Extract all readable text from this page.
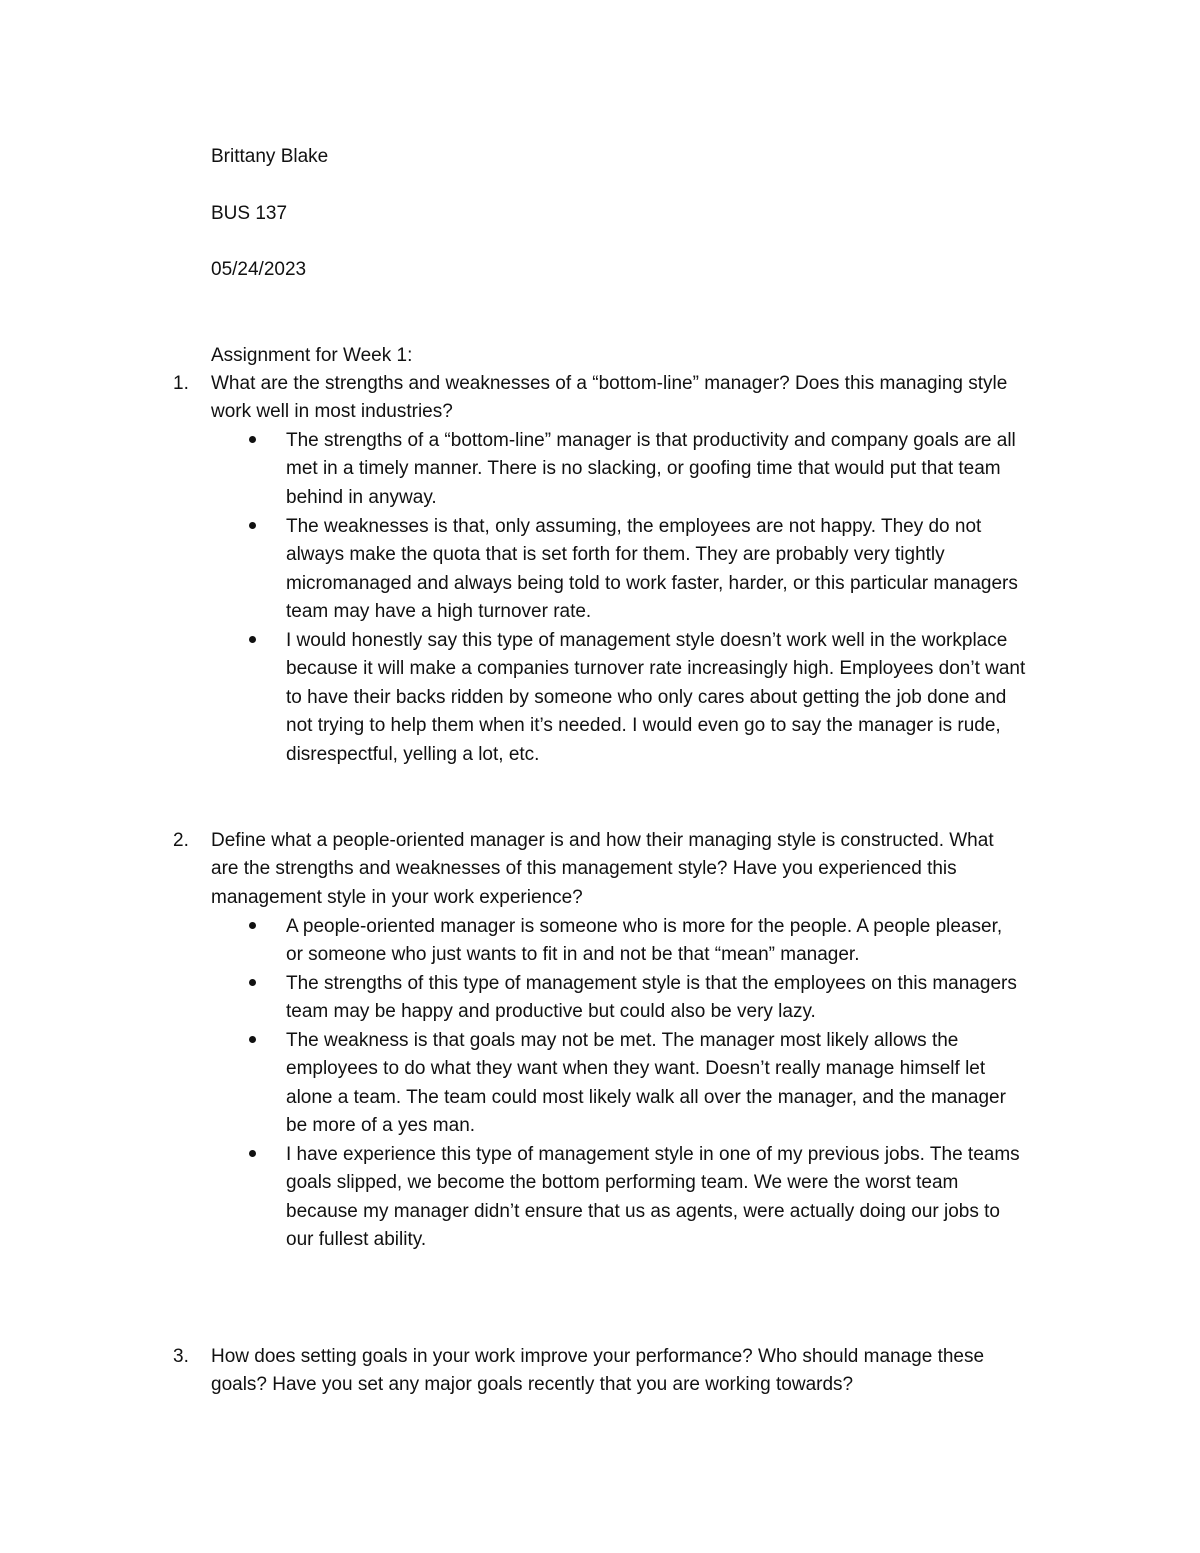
Brittany Blake
BUS 137
05/24/2023
Assignment for Week 1:
1. What are the strengths and weaknesses of a “bottom-line” manager? Does this managing style
work well in most industries?
The strengths of a “bottom-line” manager is that productivity and company goals are all
met in a timely manner. There is no slacking, or goofing time that would put that team
behind in anyway.
The weaknesses is that, only assuming, the employees are not happy. They do not
always make the quota that is set forth for them. They are probably very tightly
micromanaged and always being told to work faster, harder, or this particular managers
team may have a high turnover rate.
I would honestly say this type of management style doesn’t work well in the workplace
because it will make a companies turnover rate increasingly high. Employees don’t want
to have their backs ridden by someone who only cares about getting the job done and
not trying to help them when it’s needed. I would even go to say the manager is rude,
disrespectful, yelling a lot, etc.
2. Define what a people-oriented manager is and how their managing style is constructed. What
are the strengths and weaknesses of this management style? Have you experienced this
management style in your work experience?
A people-oriented manager is someone who is more for the people. A people pleaser,
or someone who just wants to fit in and not be that “mean” manager.
The strengths of this type of management style is that the employees on this managers
team may be happy and productive but could also be very lazy.
The weakness is that goals may not be met. The manager most likely allows the
employees to do what they want when they want. Doesn’t really manage himself let
alone a team. The team could most likely walk all over the manager, and the manager
be more of a yes man.
I have experience this type of management style in one of my previous jobs. The teams
goals slipped, we become the bottom performing team. We were the worst team
because my manager didn’t ensure that us as agents, were actually doing our jobs to
our fullest ability.
3. How does setting goals in your work improve your performance? Who should manage these
goals? Have you set any major goals recently that you are working towards?
